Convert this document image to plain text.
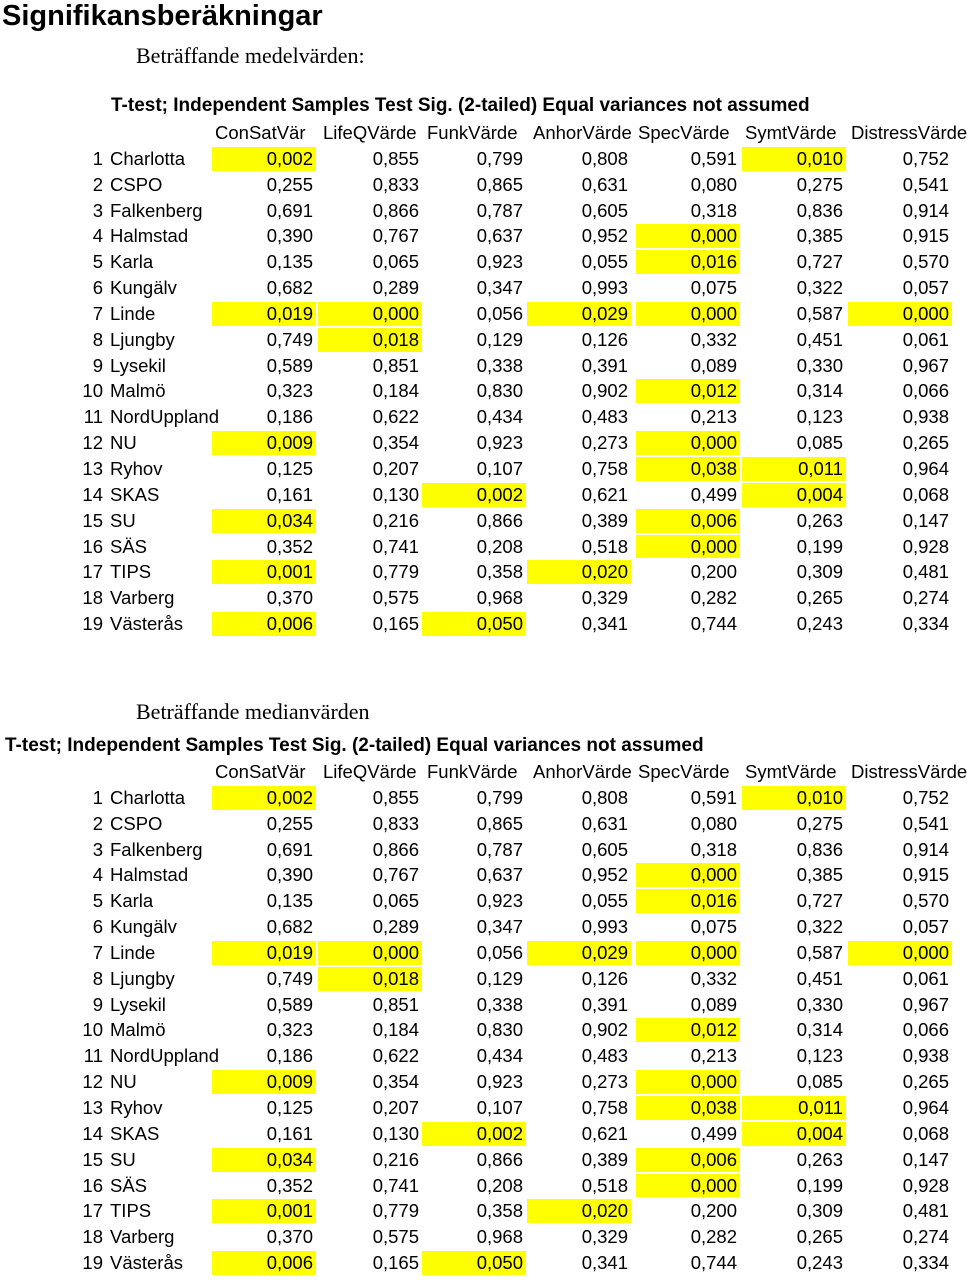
Signifikansberäkningar
Beträffande medelvärden:
T-test; Independent Samples Test Sig. (2-tailed) Equal variances not assumed
ConSatVär LifeQVärde FunkVärde AnhorVärde SpecVärde SymtVärde DistressVärde
1 Charlotta	0,002	0,855	0,799	0,808	0,591	0,010	0,752
2 CSPO	0,255	0,833	0,865	0,631	0,080	0,275	0,541
3 Falkenberg	0,691	0,866	0,787	0,605	0,318	0,836	0,914
4 Halmstad	0,390	0,767	0,637	0,952	0,000	0,385	0,915
5 Karla	0,135	0,065	0,923	0,055	0,016	0,727	0,570
6 Kungälv	0,682	0,289	0,347	0,993	0,075	0,322	0,057
7 Linde	0,019	0,000	0,056	0,029	0,000	0,587	0,000
8 Ljungby	0,749	0,018	0,129	0,126	0,332	0,451	0,061
9 Lysekil	0,589	0,851	0,338	0,391	0,089	0,330	0,967
10 Malmö	0,323	0,184	0,830	0,902	0,012	0,314	0,066
11 NordUppland	0,186	0,622	0,434	0,483	0,213	0,123	0,938
12 NU	0,009	0,354	0,923	0,273	0,000	0,085	0,265
13 Ryhov	0,125	0,207	0,107	0,758	0,038	0,011	0,964
14 SKAS	0,161	0,130	0,002	0,621	0,499	0,004	0,068
15 SU	0,034	0,216	0,866	0,389	0,006	0,263	0,147
16 SÄS	0,352	0,741	0,208	0,518	0,000	0,199	0,928
17 TIPS	0,001	0,779	0,358	0,020	0,200	0,309	0,481
18 Varberg	0,370	0,575	0,968	0,329	0,282	0,265	0,274
19 Västerås	0,006	0,165	0,050	0,341	0,744	0,243	0,334
Beträffande medianvärden
T-test; Independent Samples Test Sig. (2-tailed) Equal variances not assumed
ConSatVär LifeQVärde FunkVärde AnhorVärde SpecVärde SymtVärde DistressVärde
1 Charlotta	0,002	0,855	0,799	0,808	0,591	0,010	0,752
2 CSPO	0,255	0,833	0,865	0,631	0,080	0,275	0,541
3 Falkenberg	0,691	0,866	0,787	0,605	0,318	0,836	0,914
4 Halmstad	0,390	0,767	0,637	0,952	0,000	0,385	0,915
5 Karla	0,135	0,065	0,923	0,055	0,016	0,727	0,570
6 Kungälv	0,682	0,289	0,347	0,993	0,075	0,322	0,057
7 Linde	0,019	0,000	0,056	0,029	0,000	0,587	0,000
8 Ljungby	0,749	0,018	0,129	0,126	0,332	0,451	0,061
9 Lysekil	0,589	0,851	0,338	0,391	0,089	0,330	0,967
10 Malmö	0,323	0,184	0,830	0,902	0,012	0,314	0,066
11 NordUppland	0,186	0,622	0,434	0,483	0,213	0,123	0,938
12 NU	0,009	0,354	0,923	0,273	0,000	0,085	0,265
13 Ryhov	0,125	0,207	0,107	0,758	0,038	0,011	0,964
14 SKAS	0,161	0,130	0,002	0,621	0,499	0,004	0,068
15 SU	0,034	0,216	0,866	0,389	0,006	0,263	0,147
16 SÄS	0,352	0,741	0,208	0,518	0,000	0,199	0,928
17 TIPS	0,001	0,779	0,358	0,020	0,200	0,309	0,481
18 Varberg	0,370	0,575	0,968	0,329	0,282	0,265	0,274
19 Västerås	0,006	0,165	0,050	0,341	0,744	0,243	0,334
